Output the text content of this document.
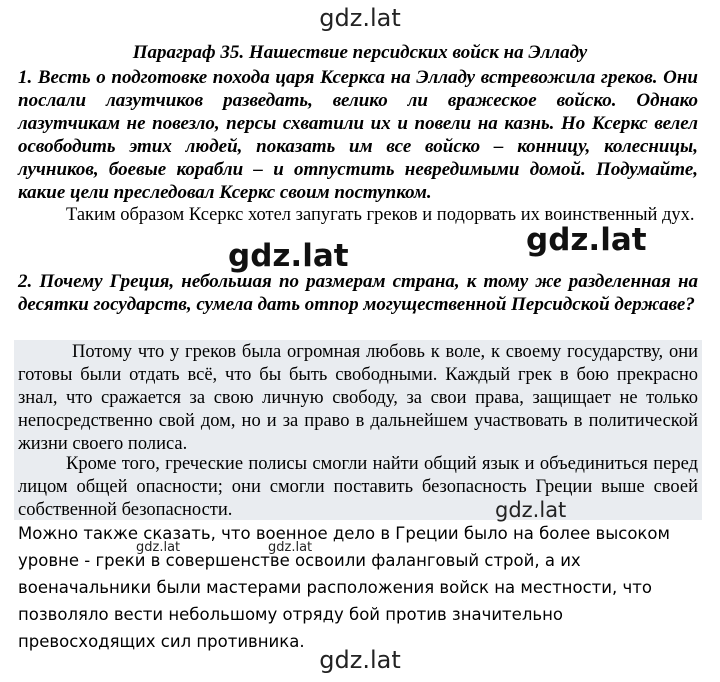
gdz.lat
Параграф 35. Нашествие персидских войск на Элладу

1. Весть о подготовке похода царя Ксеркса на Элладу встревожила греков. Они послали лазутчиков разведать, велико ли вражеское войско. Однако лазутчикам не повезло, персы схватили их и повели на казнь. Но Ксеркс велел освободить этих людей, показать им все войско – конницу, колесницы, лучников, боевые корабли – и отпустить невредимыми домой. Подумайте, какие цели преследовал Ксеркс своим поступком.

Таким образом Ксеркс хотел запугать греков и подорвать их воинственный дух.

gdz.lat	gdz.lat

2. Почему Греция, небольшая по размерам страна, к тому же разделенная на десятки государств, сумела дать отпор могущественной Персидской державе?

Потому что у греков была огромная любовь к воле, к своему государству, они готовы были отдать всё, что бы быть свободными. Каждый грек в бою прекрасно знал, что сражается за свою личную свободу, за свои права, защищает не только непосредственно свой дом, но и за право в дальнейшем участвовать в политической жизни своего полиса.

Кроме того, греческие полисы смогли найти общий язык и объединиться перед лицом общей опасности; они смогли поставить безопасность Греции выше своей собственной безопасности.	gdz.lat

Можно также сказать, что военное дело в Греции было на более высоком уровне - греки в совершенстве освоили фаланговый строй, а их военачальники были мастерами расположения войск на местности, что позволяло вести небольшому отряду бой против значительно превосходящих сил противника.

gdz.lat	gdz.lat
gdz.lat
